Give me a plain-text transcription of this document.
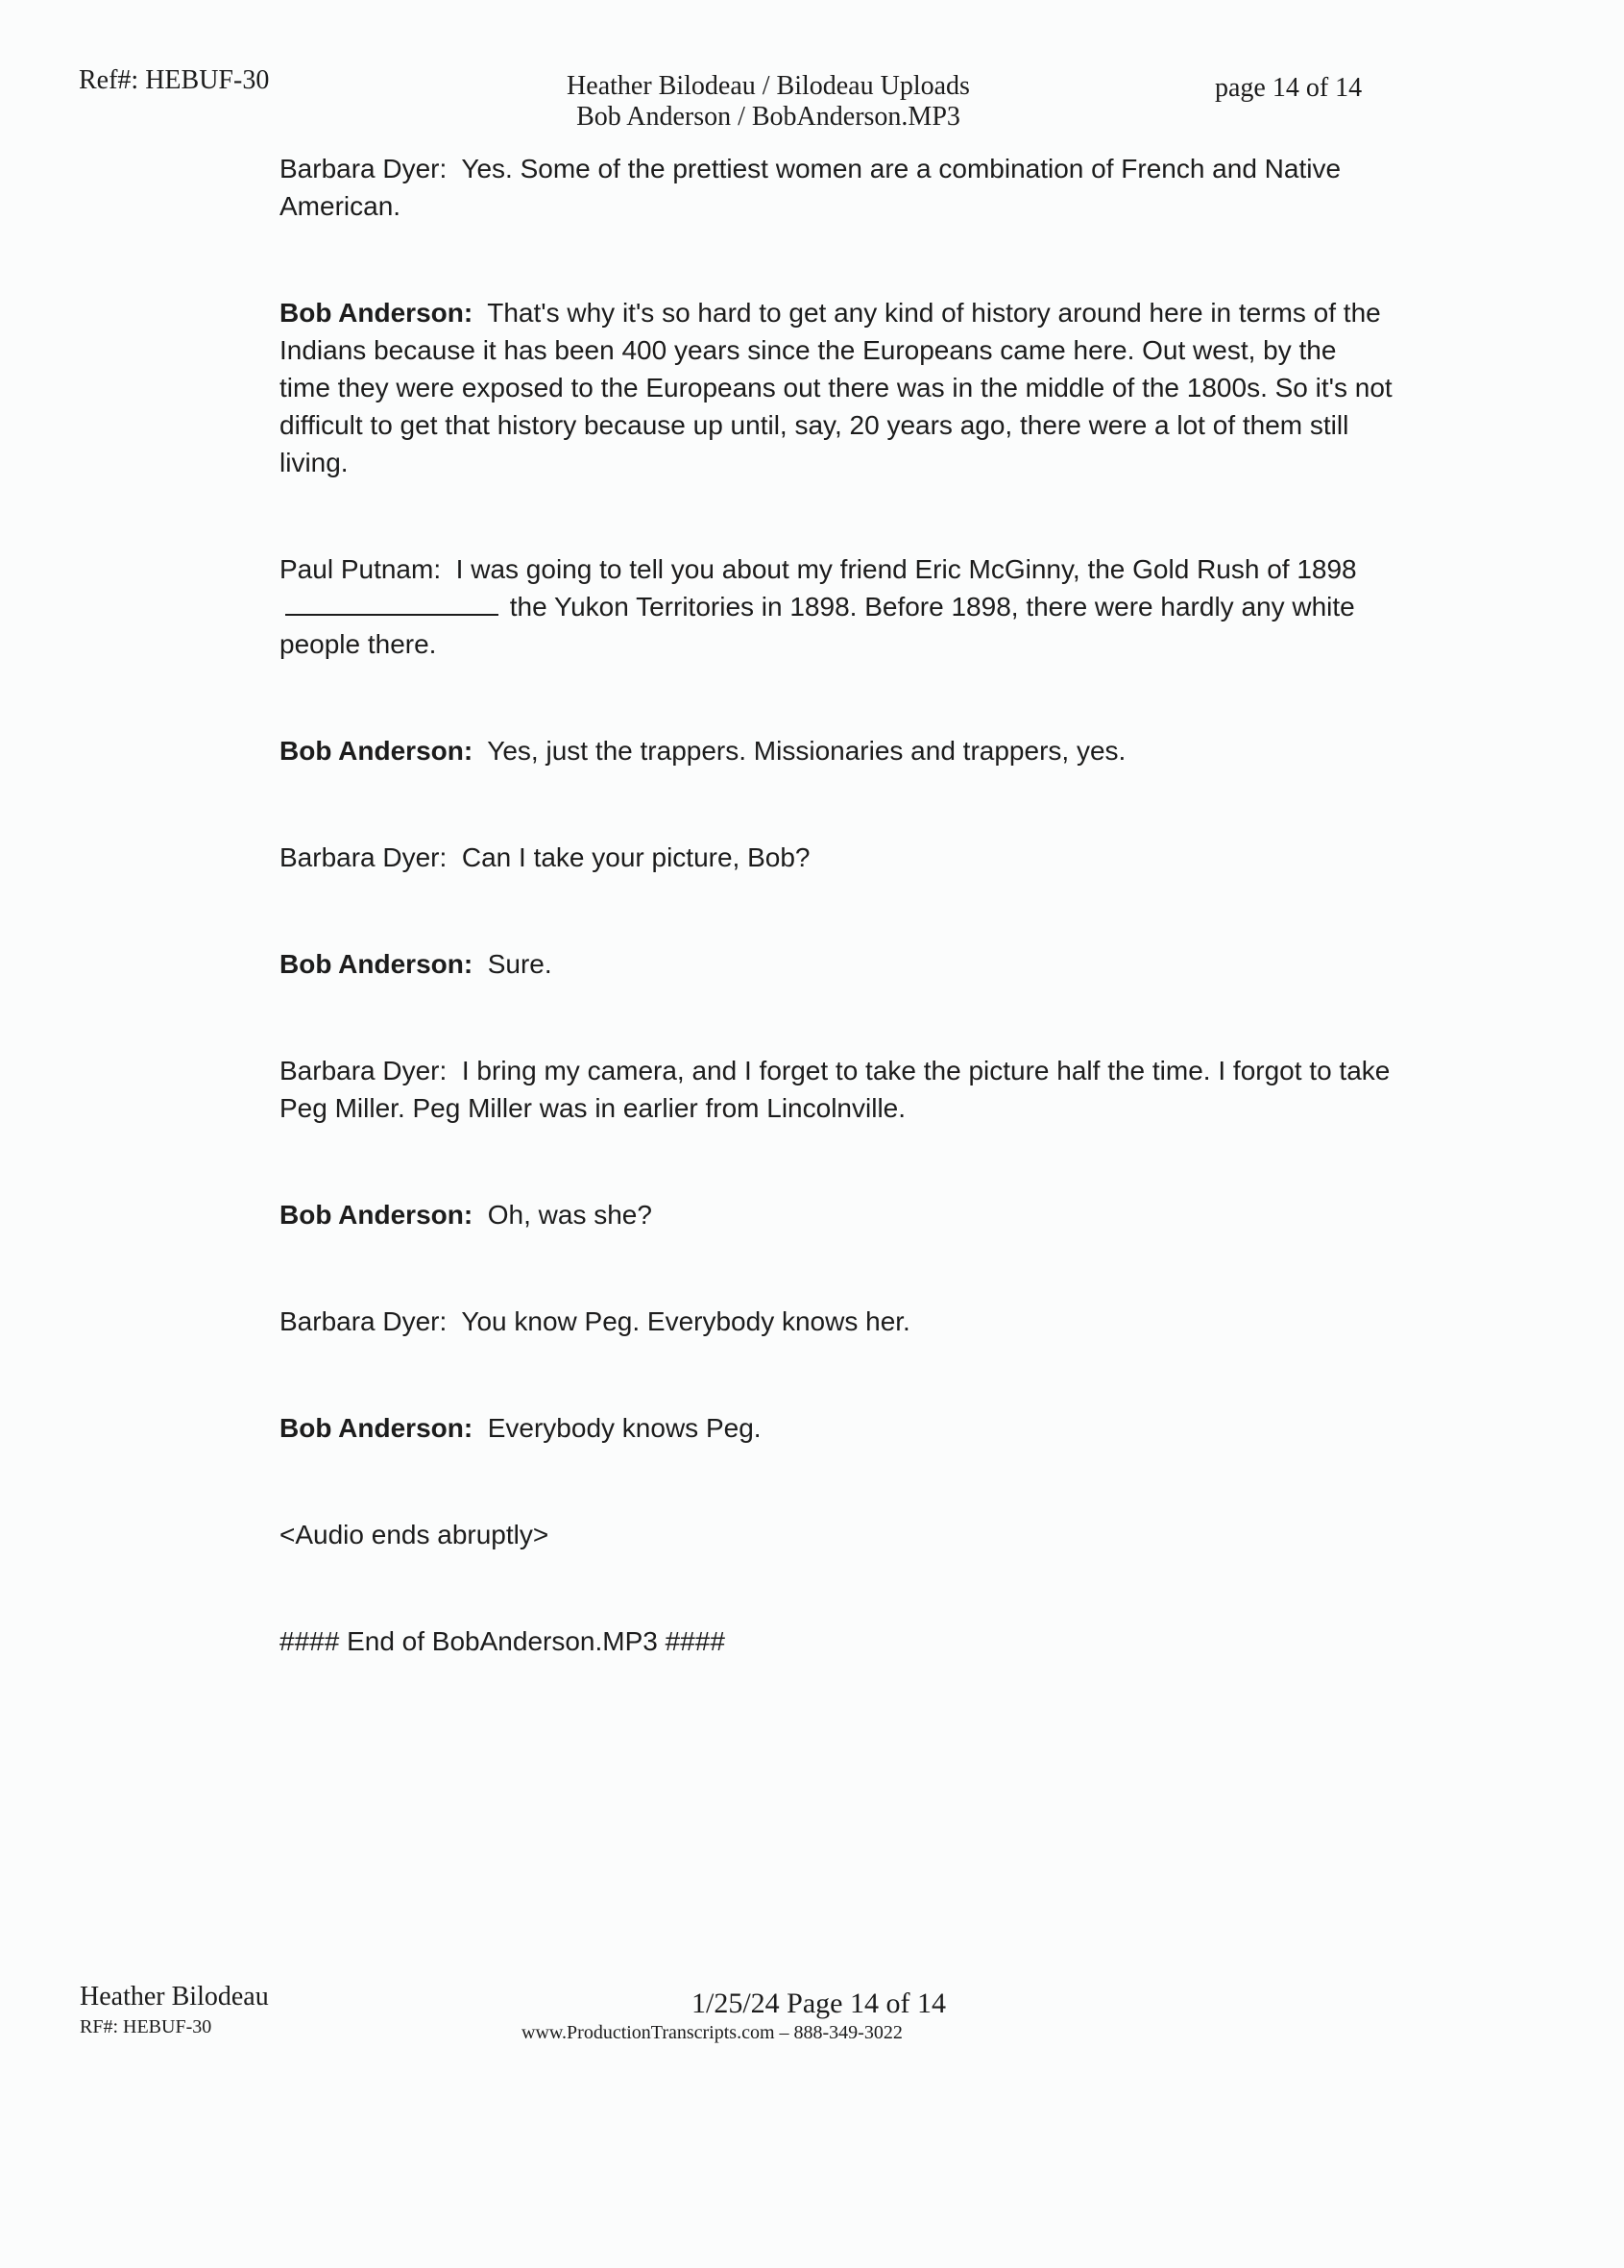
Ref#: HEBUF-30	Heather Bilodeau / Bilodeau Uploads
Bob Anderson / BobAnderson.MP3
page 14 of 14

Barbara Dyer: Yes. Some of the prettiest women are a combination of French and Native American.

Bob Anderson: That's why it's so hard to get any kind of history around here in terms of the Indians because it has been 400 years since the Europeans came here. Out west, by the time they were exposed to the Europeans out there was in the middle of the 1800s. So it's not difficult to get that history because up until, say, 20 years ago, there were a lot of them still living.

Paul Putnam: I was going to tell you about my friend Eric McGinny, the Gold Rush of 1898 the Yukon Territories in 1898. Before 1898, there were hardly any white people there.

Bob Anderson: Yes, just the trappers. Missionaries and trappers, yes.

Barbara Dyer: Can I take your picture, Bob?

Bob Anderson: Sure.

Barbara Dyer: I bring my camera, and I forget to take the picture half the time. I forgot to take Peg Miller. Peg Miller was in earlier from Lincolnville.

Bob Anderson: Oh, was she?

Barbara Dyer: You know Peg. Everybody knows her.

Bob Anderson: Everybody knows Peg.

<Audio ends abruptly>

#### End of BobAnderson.MP3 ####

Heather Bilodeau
RF#: HEBUF-30
1/25/24 Page 14 of 14
www.ProductionTranscripts.com – 888-349-3022
